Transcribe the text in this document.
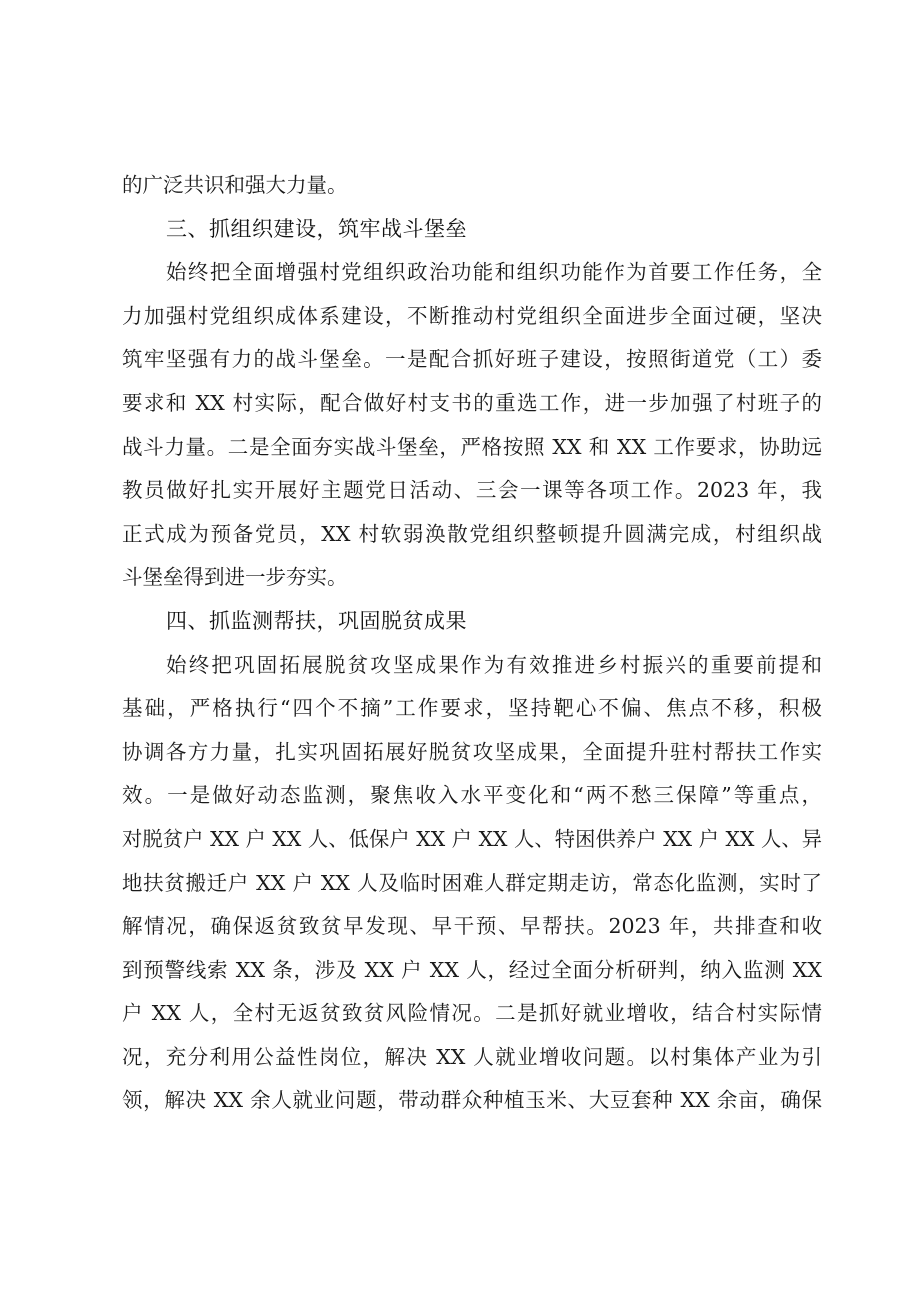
的广泛共识和强大力量。
三、抓组织建设，筑牢战斗堡垒
始终把全面增强村党组织政治功能和组织功能作为首要工作任务，全
力加强村党组织成体系建设，不断推动村党组织全面进步全面过硬，坚决
筑牢坚强有力的战斗堡垒。一是配合抓好班子建设，按照街道党（工）委
要求和 XX 村实际，配合做好村支书的重选工作，进一步加强了村班子的
战斗力量。二是全面夯实战斗堡垒，严格按照 XX 和 XX 工作要求，协助远
教员做好扎实开展好主题党日活动、三会一课等各项工作。2023 年，我
正式成为预备党员，XX 村软弱涣散党组织整顿提升圆满完成，村组织战
斗堡垒得到进一步夯实。
四、抓监测帮扶，巩固脱贫成果
始终把巩固拓展脱贫攻坚成果作为有效推进乡村振兴的重要前提和
基础，严格执行“四个不摘”工作要求，坚持靶心不偏、焦点不移，积极
协调各方力量，扎实巩固拓展好脱贫攻坚成果，全面提升驻村帮扶工作实
效。一是做好动态监测，聚焦收入水平变化和“两不愁三保障”等重点，
对脱贫户 XX 户 XX 人、低保户 XX 户 XX 人、特困供养户 XX 户 XX 人、异
地扶贫搬迁户 XX 户 XX 人及临时困难人群定期走访，常态化监测，实时了
解情况，确保返贫致贫早发现、早干预、早帮扶。2023 年，共排查和收
到预警线索 XX 条，涉及 XX 户 XX 人，经过全面分析研判，纳入监测 XX
户 XX 人，全村无返贫致贫风险情况。二是抓好就业增收，结合村实际情
况，充分利用公益性岗位，解决 XX 人就业增收问题。以村集体产业为引
领，解决 XX 余人就业问题，带动群众种植玉米、大豆套种 XX 余亩，确保
